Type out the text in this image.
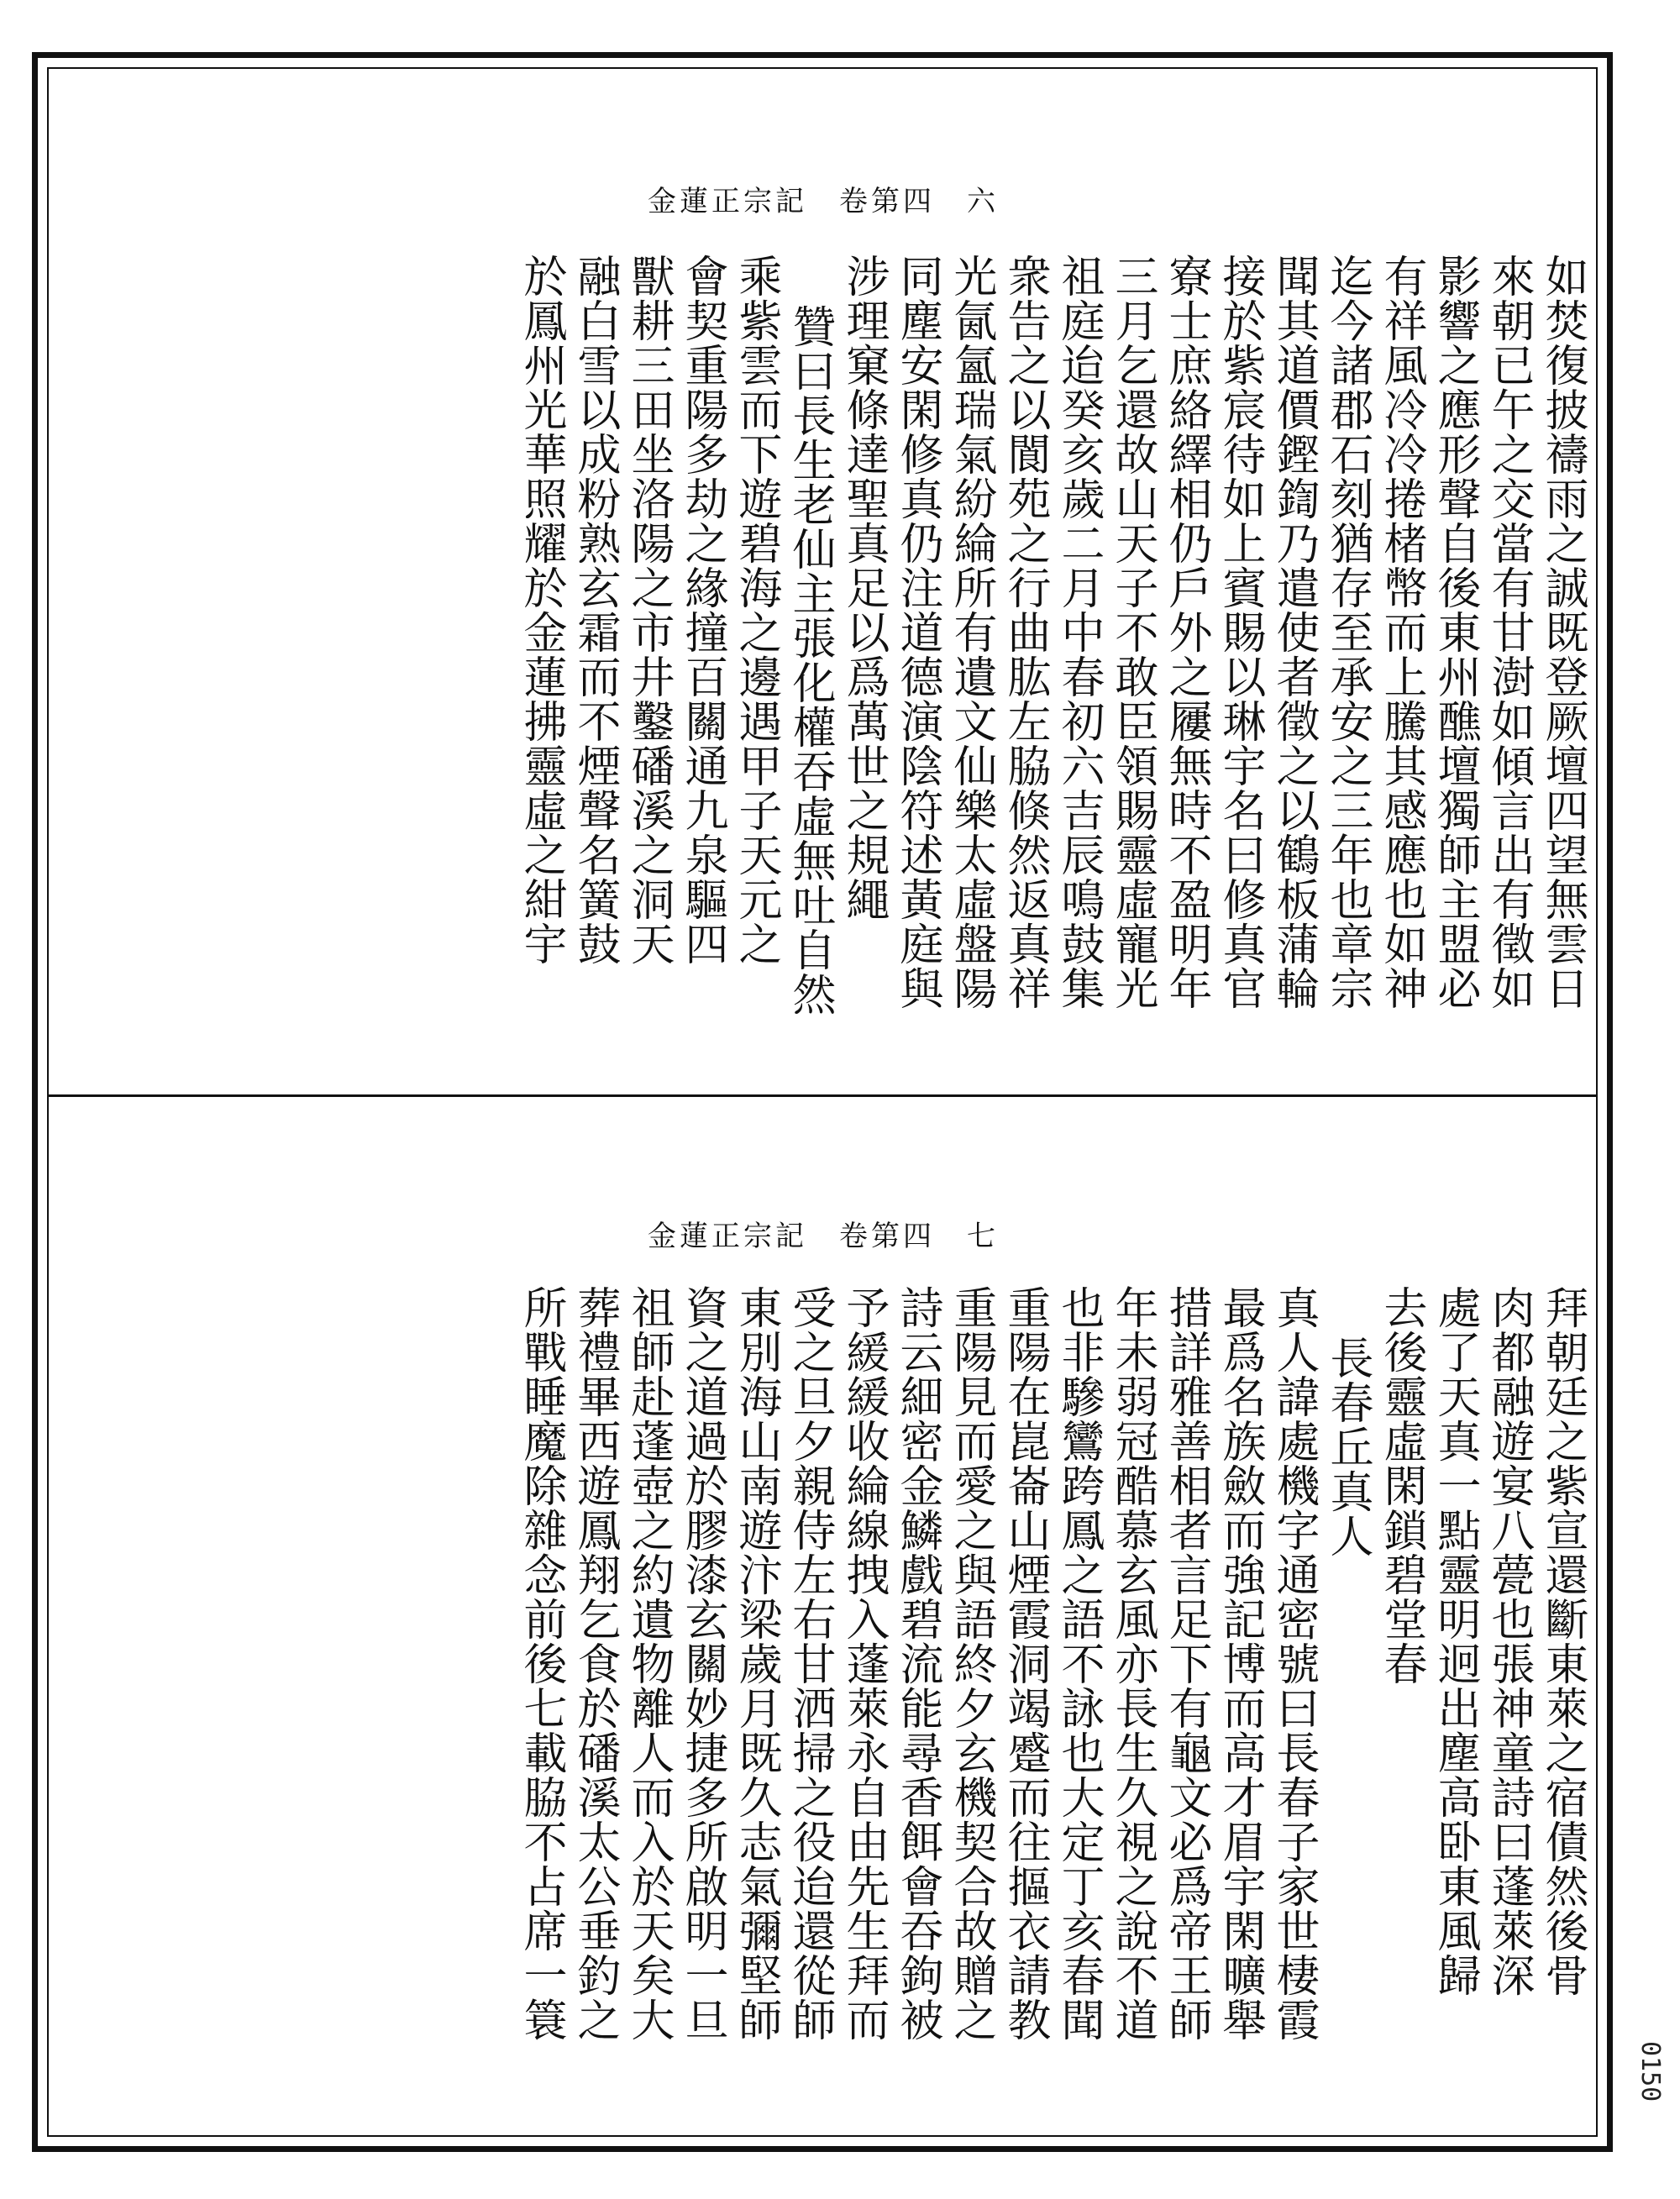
金蓮正宗記　卷第四　六
如焚復披禱雨之誠既登厥壇四望無雲日
來朝已午之交當有甘澍如傾言出有徵如
影響之應形聲自後東州醮壇獨師主盟必
有祥風冷冷捲楮幣而上騰其感應也如神
迄今諸郡石刻猶存至承安之三年也章宗
聞其道價鏗鍧乃遣使者徵之以鶴板蒲輪
接於紫宸待如上賓賜以琳宇名曰修真官
寮士庶絡繹相仍戶外之屨無時不盈明年
三月乞還故山天子不敢臣領賜靈虛寵光
祖庭迨癸亥歲二月中春初六吉辰鳴鼓集
衆告之以閬苑之行曲肱左脇倏然返真祥
光氤氳瑞氣紛綸所有遺文仙樂太虛盤陽
同塵安閑修真仍注道德演陰符述黃庭與
涉理窠條達聖真足以爲萬世之規繩
贊曰長生老仙主張化權吞虛無吐自然
乘紫雲而下遊碧海之邊遇甲子天元之
會契重陽多劫之緣撞百關通九泉驅四
獸耕三田坐洛陽之市井鑿磻溪之洞天
融白雪以成粉熟玄霜而不煙聲名簧鼓
於鳳州光華照耀於金蓮拂靈虛之紺宇
金蓮正宗記　卷第四　七
拜朝廷之紫宣還斷東萊之宿債然後骨
肉都融遊宴八甍也張神童詩曰蓬萊深
處了天真一點靈明迥出塵高卧東風歸
去後靈虛閑鎖碧堂春
長春丘真人
真人諱處機字通密號曰長春子家世棲霞
最爲名族斂而強記博而高才眉宇閑曠舉
措詳雅善相者言足下有龜文必爲帝王師
年未弱冠酷慕玄風亦長生久視之說不道
也非驂鸞跨鳳之語不詠也大定丁亥春聞
重陽在崑崙山煙霞洞竭蹙而往摳衣請教
重陽見而愛之與語終夕玄機契合故贈之
詩云細密金鱗戲碧流能尋香餌會吞鉤被
予緩緩收綸線拽入蓬萊永自由先生拜而
受之旦夕親侍左右甘洒掃之役迨還從師
東別海山南遊汴梁歲月既久志氣彌堅師
資之道過於膠漆玄關妙捷多所啟明一旦
祖師赴蓬壺之約遺物離人而入於天矣大
葬禮畢西遊鳳翔乞食於磻溪太公垂釣之
所戰睡魔除雜念前後七載脇不占席一簑
0150
